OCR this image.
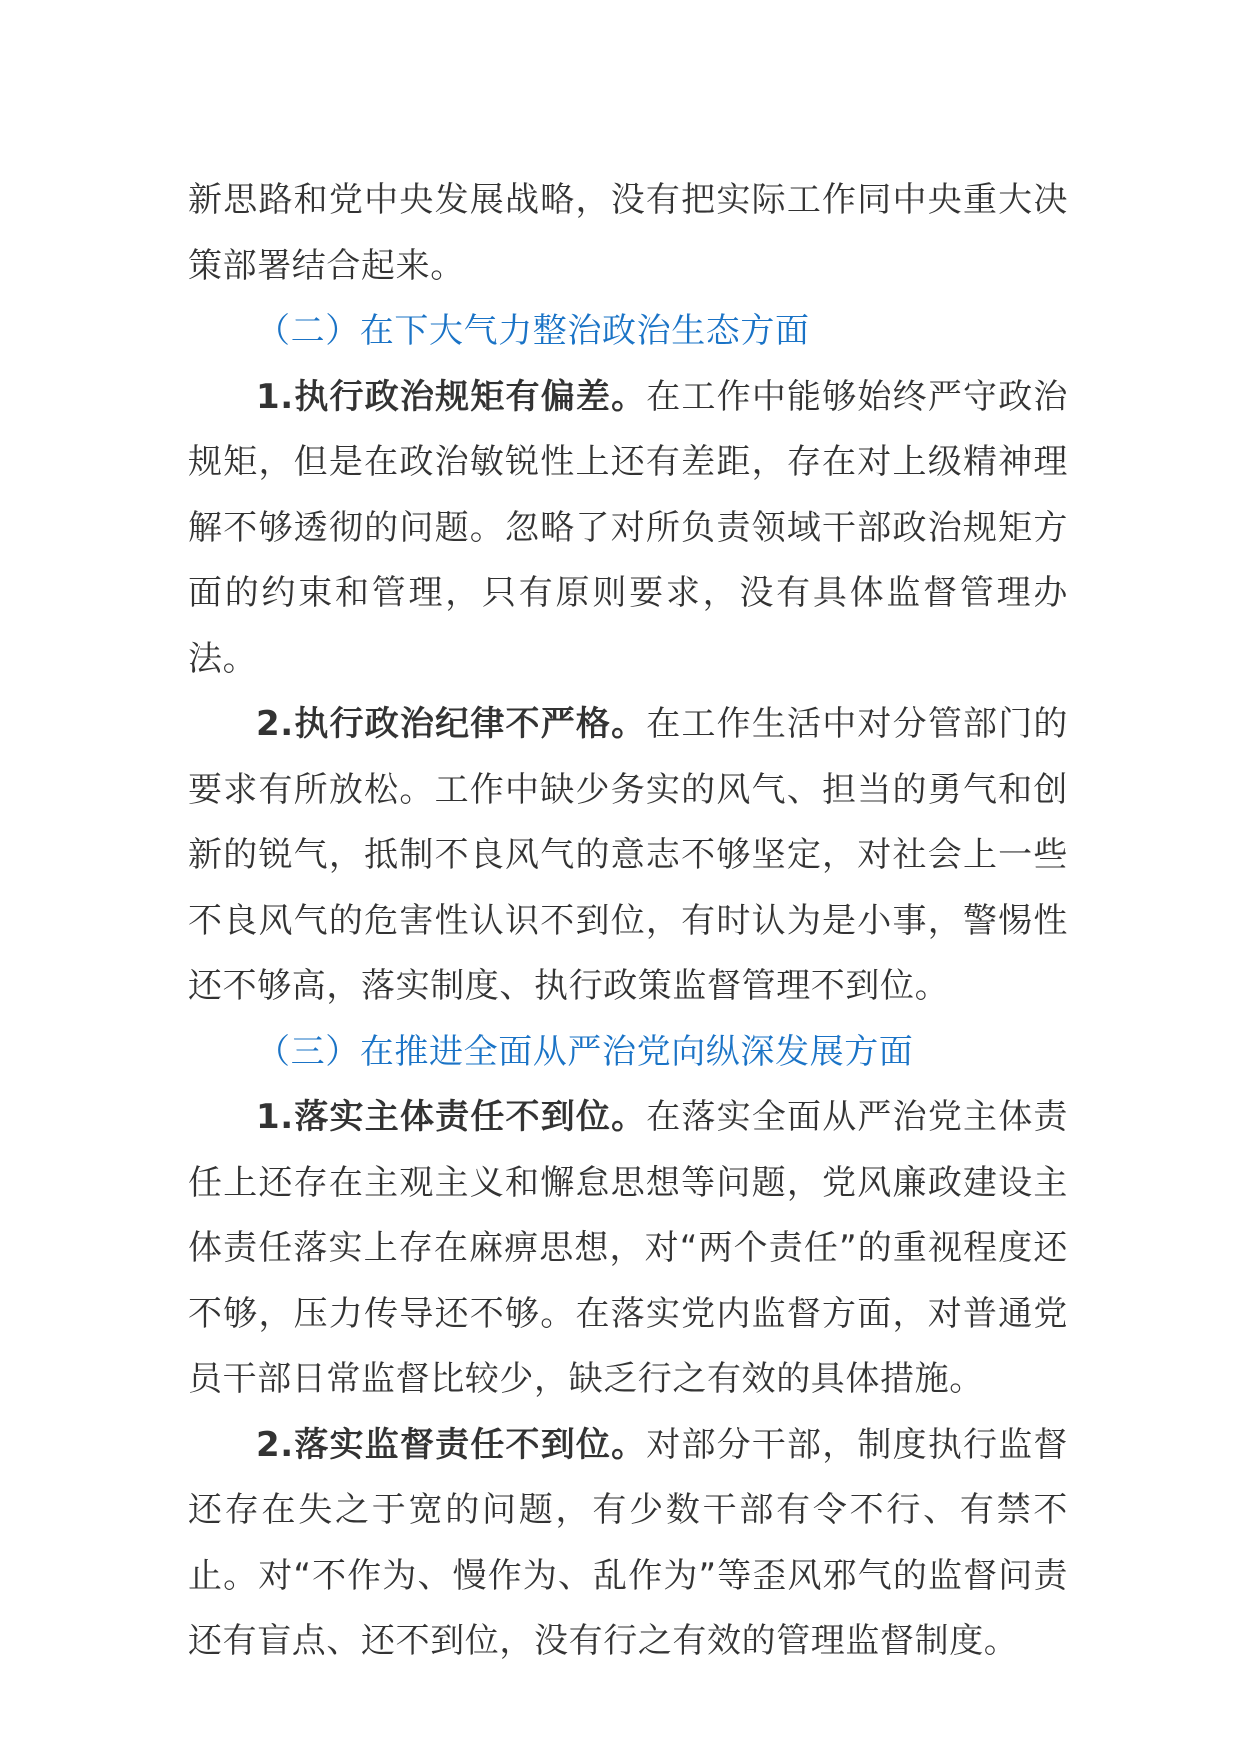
新思路和党中央发展战略，没有把实际工作同中央重大决策部署结合起来。

（二）在下大气力整治政治生态方面

1.执行政治规矩有偏差。在工作中能够始终严守政治规矩，但是在政治敏锐性上还有差距，存在对上级精神理解不够透彻的问题。忽略了对所负责领域干部政治规矩方面的约束和管理，只有原则要求，没有具体监督管理办法。

2.执行政治纪律不严格。在工作生活中对分管部门的要求有所放松。工作中缺少务实的风气、担当的勇气和创新的锐气，抵制不良风气的意志不够坚定，对社会上一些不良风气的危害性认识不到位，有时认为是小事，警惕性还不够高，落实制度、执行政策监督管理不到位。

（三）在推进全面从严治党向纵深发展方面

1.落实主体责任不到位。在落实全面从严治党主体责任上还存在主观主义和懈怠思想等问题，党风廉政建设主体责任落实上存在麻痹思想，对“两个责任”的重视程度还不够，压力传导还不够。在落实党内监督方面，对普通党员干部日常监督比较少，缺乏行之有效的具体措施。

2.落实监督责任不到位。对部分干部，制度执行监督还存在失之于宽的问题，有少数干部有令不行、有禁不止。对“不作为、慢作为、乱作为”等歪风邪气的监督问责还有盲点、还不到位，没有行之有效的管理监督制度。
